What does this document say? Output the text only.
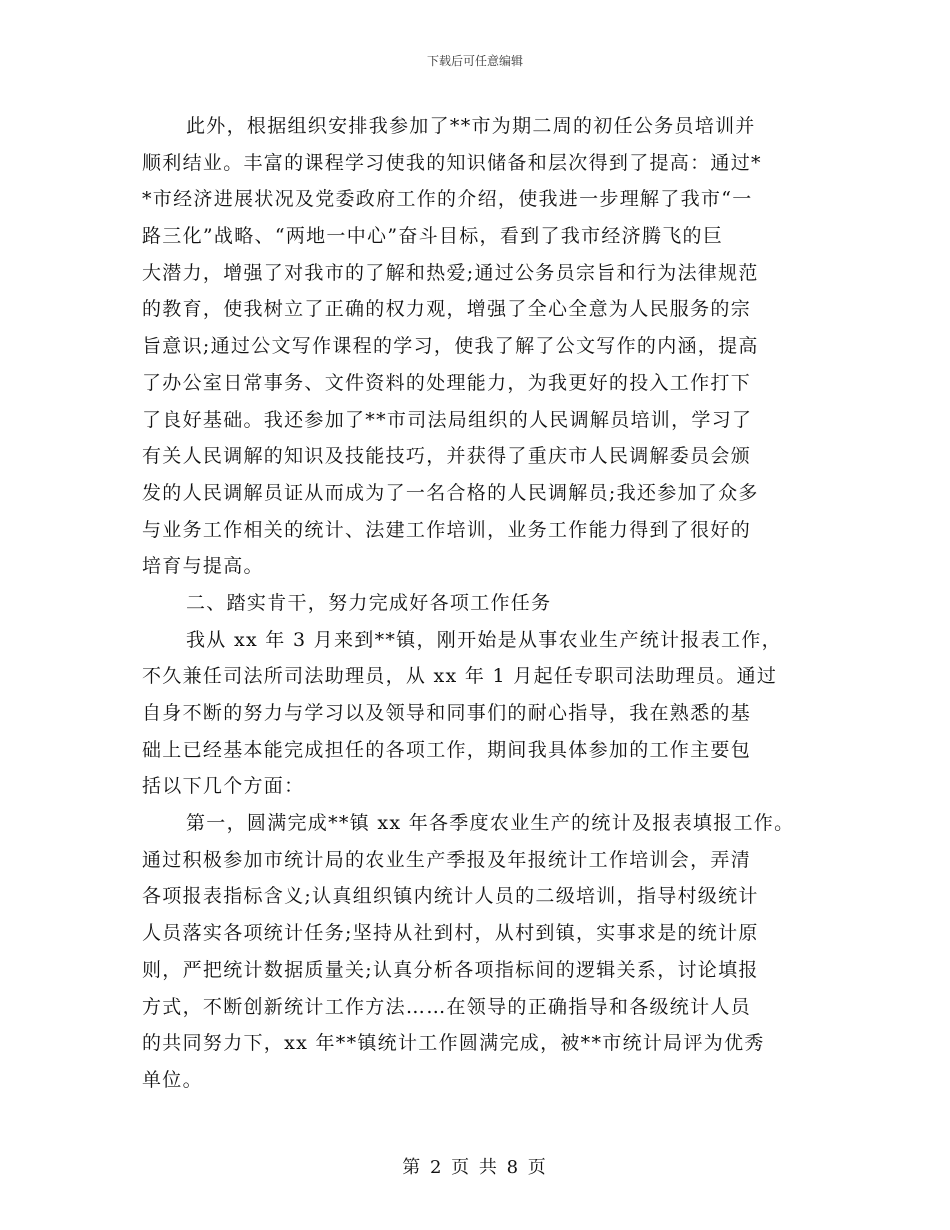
下载后可任意编辑
此外，根据组织安排我参加了**市为期二周的初任公务员培训并
顺利结业。丰富的课程学习使我的知识储备和层次得到了提高：通过*
*市经济进展状况及党委政府工作的介绍，使我进一步理解了我市“一
路三化”战略、“两地一中心”奋斗目标，看到了我市经济腾飞的巨
大潜力，增强了对我市的了解和热爱;通过公务员宗旨和行为法律规范
的教育，使我树立了正确的权力观，增强了全心全意为人民服务的宗
旨意识;通过公文写作课程的学习，使我了解了公文写作的内涵，提高
了办公室日常事务、文件资料的处理能力，为我更好的投入工作打下
了良好基础。我还参加了**市司法局组织的人民调解员培训，学习了
有关人民调解的知识及技能技巧，并获得了重庆市人民调解委员会颁
发的人民调解员证从而成为了一名合格的人民调解员;我还参加了众多
与业务工作相关的统计、法建工作培训，业务工作能力得到了很好的
培育与提高。
二、踏实肯干，努力完成好各项工作任务
我从 xx 年 3 月来到**镇，刚开始是从事农业生产统计报表工作，
不久兼任司法所司法助理员，从 xx 年 1 月起任专职司法助理员。通过
自身不断的努力与学习以及领导和同事们的耐心指导，我在熟悉的基
础上已经基本能完成担任的各项工作，期间我具体参加的工作主要包
括以下几个方面：
第一，圆满完成**镇 xx 年各季度农业生产的统计及报表填报工作。
通过积极参加市统计局的农业生产季报及年报统计工作培训会，弄清
各项报表指标含义;认真组织镇内统计人员的二级培训，指导村级统计
人员落实各项统计任务;坚持从社到村，从村到镇，实事求是的统计原
则，严把统计数据质量关;认真分析各项指标间的逻辑关系，讨论填报
方式，不断创新统计工作方法……在领导的正确指导和各级统计人员
的共同努力下，xx 年**镇统计工作圆满完成，被**市统计局评为优秀
单位。
第 2 页 共 8 页
